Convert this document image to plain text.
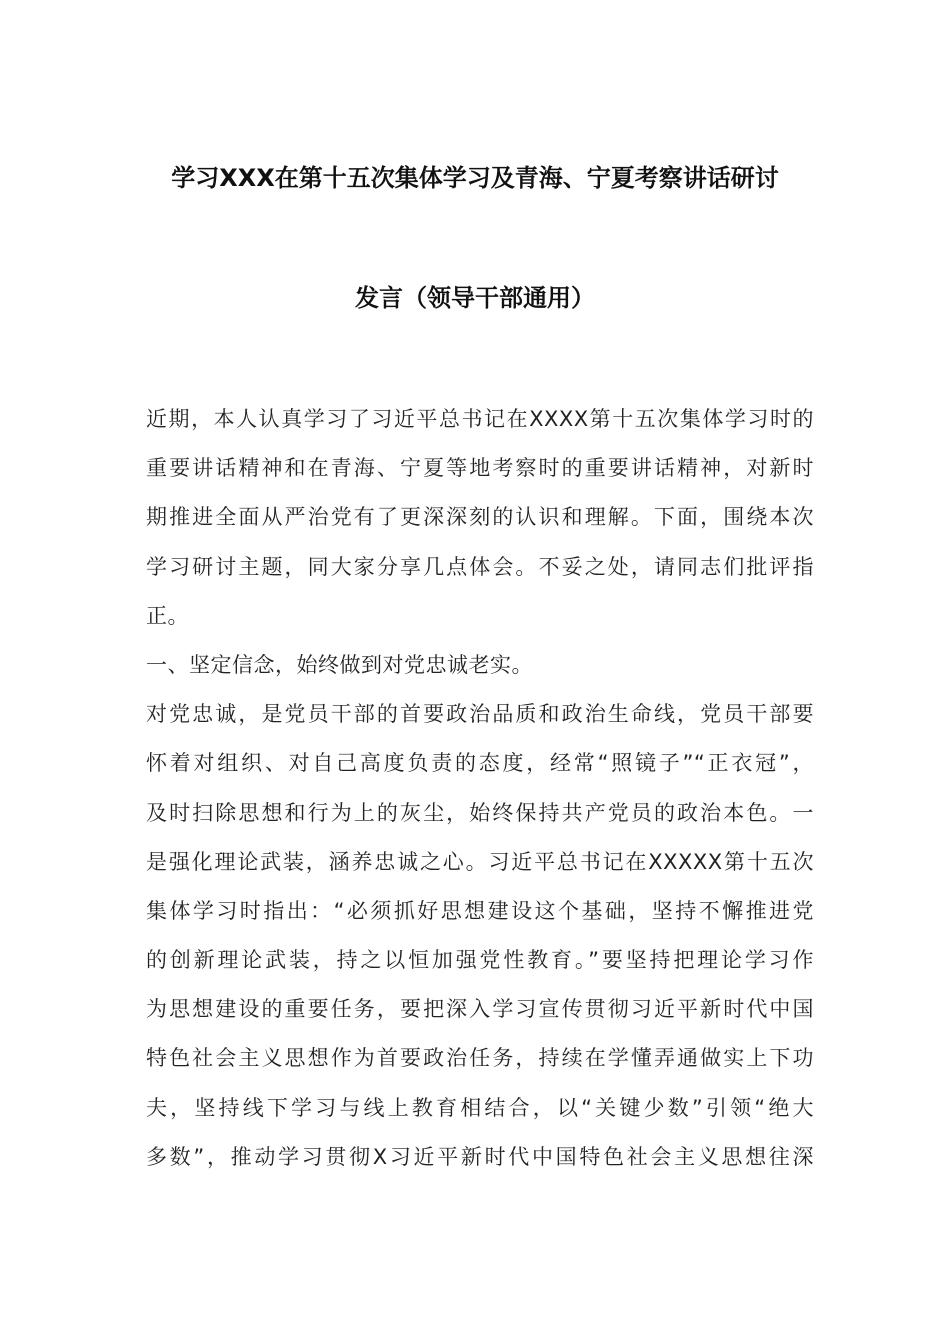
学习XXX在第十五次集体学习及青海、宁夏考察讲话研讨
发言（领导干部通用）
近期，本人认真学习了习近平总书记在XXXX第十五次集体学习时的
重要讲话精神和在青海、宁夏等地考察时的重要讲话精神，对新时
期推进全面从严治党有了更深深刻的认识和理解。下面，围绕本次
学习研讨主题，同大家分享几点体会。不妥之处，请同志们批评指
正。
一、坚定信念，始终做到对党忠诚老实。
对党忠诚，是党员干部的首要政治品质和政治生命线，党员干部要
怀着对组织、对自己高度负责的态度，经常“照镜子”“正衣冠”，
及时扫除思想和行为上的灰尘，始终保持共产党员的政治本色。一
是强化理论武装，涵养忠诚之心。习近平总书记在XXXXX第十五次
集体学习时指出：“必须抓好思想建设这个基础，坚持不懈推进党
的创新理论武装，持之以恒加强党性教育。”要坚持把理论学习作
为思想建设的重要任务，要把深入学习宣传贯彻习近平新时代中国
特色社会主义思想作为首要政治任务，持续在学懂弄通做实上下功
夫，坚持线下学习与线上教育相结合，以“关键少数”引领“绝大
多数”，推动学习贯彻X习近平新时代中国特色社会主义思想往深
